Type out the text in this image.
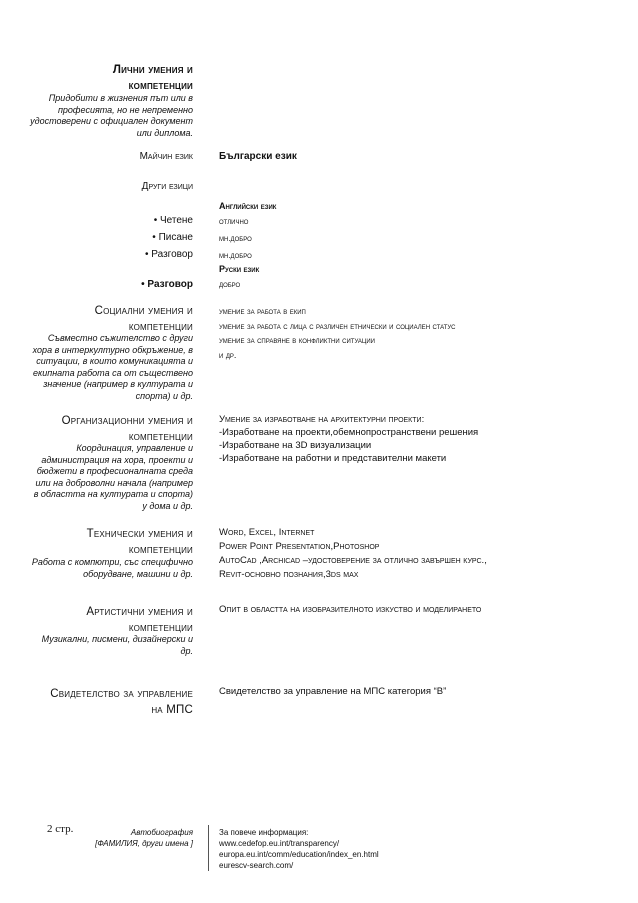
Лични умения и
компетенции
Придобити в жизнения път или в
професията, но не непременно
удостоверени с официален документ
или диплома.
Майчин език	Български език
Други езици
Английски език
• Четене	отлично
• Писане	мн.добро
• Разговор	мн.добро
Руски език
• Разговор	добро
Социални умения и
компетенции
Съвместно съжителство с други
хора в интеркултурно обкръжение, в
ситуации, в които комуникацията и
екипната работа са от съществено
значение (например в културата и
спорта) и др.
умение за работа в екип
умение за работа с лица с различен етнически и социален статус
умение за справяне в конфликтни ситуации
и др.
Организационни умения и
компетенции
Координация, управление и
администрация на хора, проекти и
бюджети в професионалната среда
или на доброволни начала (например
в областта на културата и спорта)
у дома и др.
Умение за изработване на архитектурни проекти:
-Изработване на проекти,обемнопространствени решения
-Изработване на 3D визуализации
-Изработване на работни и представителни макети
Технически умения и
компетенции
Работа с компютри, със специфично
оборудване, машини и др.
Word, Excel, Internet
Power Point Presentation,Photoshop
AutoCad ,Archicad –удостоверение за отлично завършен курс.,
Revit-основно познания,3ds max
Артистични умения и
компетенции
Музикални, писмени, дизайнерски и
др.
Опит в областта на изобразителното изкуство и моделирането
Свидетелство за управление
на МПС
Свидетелство за управление на МПС категория “В”
2 стр.	Автобиография
[ФАМИЛИЯ, други имена ]
За повече информация:
www.cedefop.eu.int/transparency/
europa.eu.int/comm/education/index_en.html
eurescv-search.com/
